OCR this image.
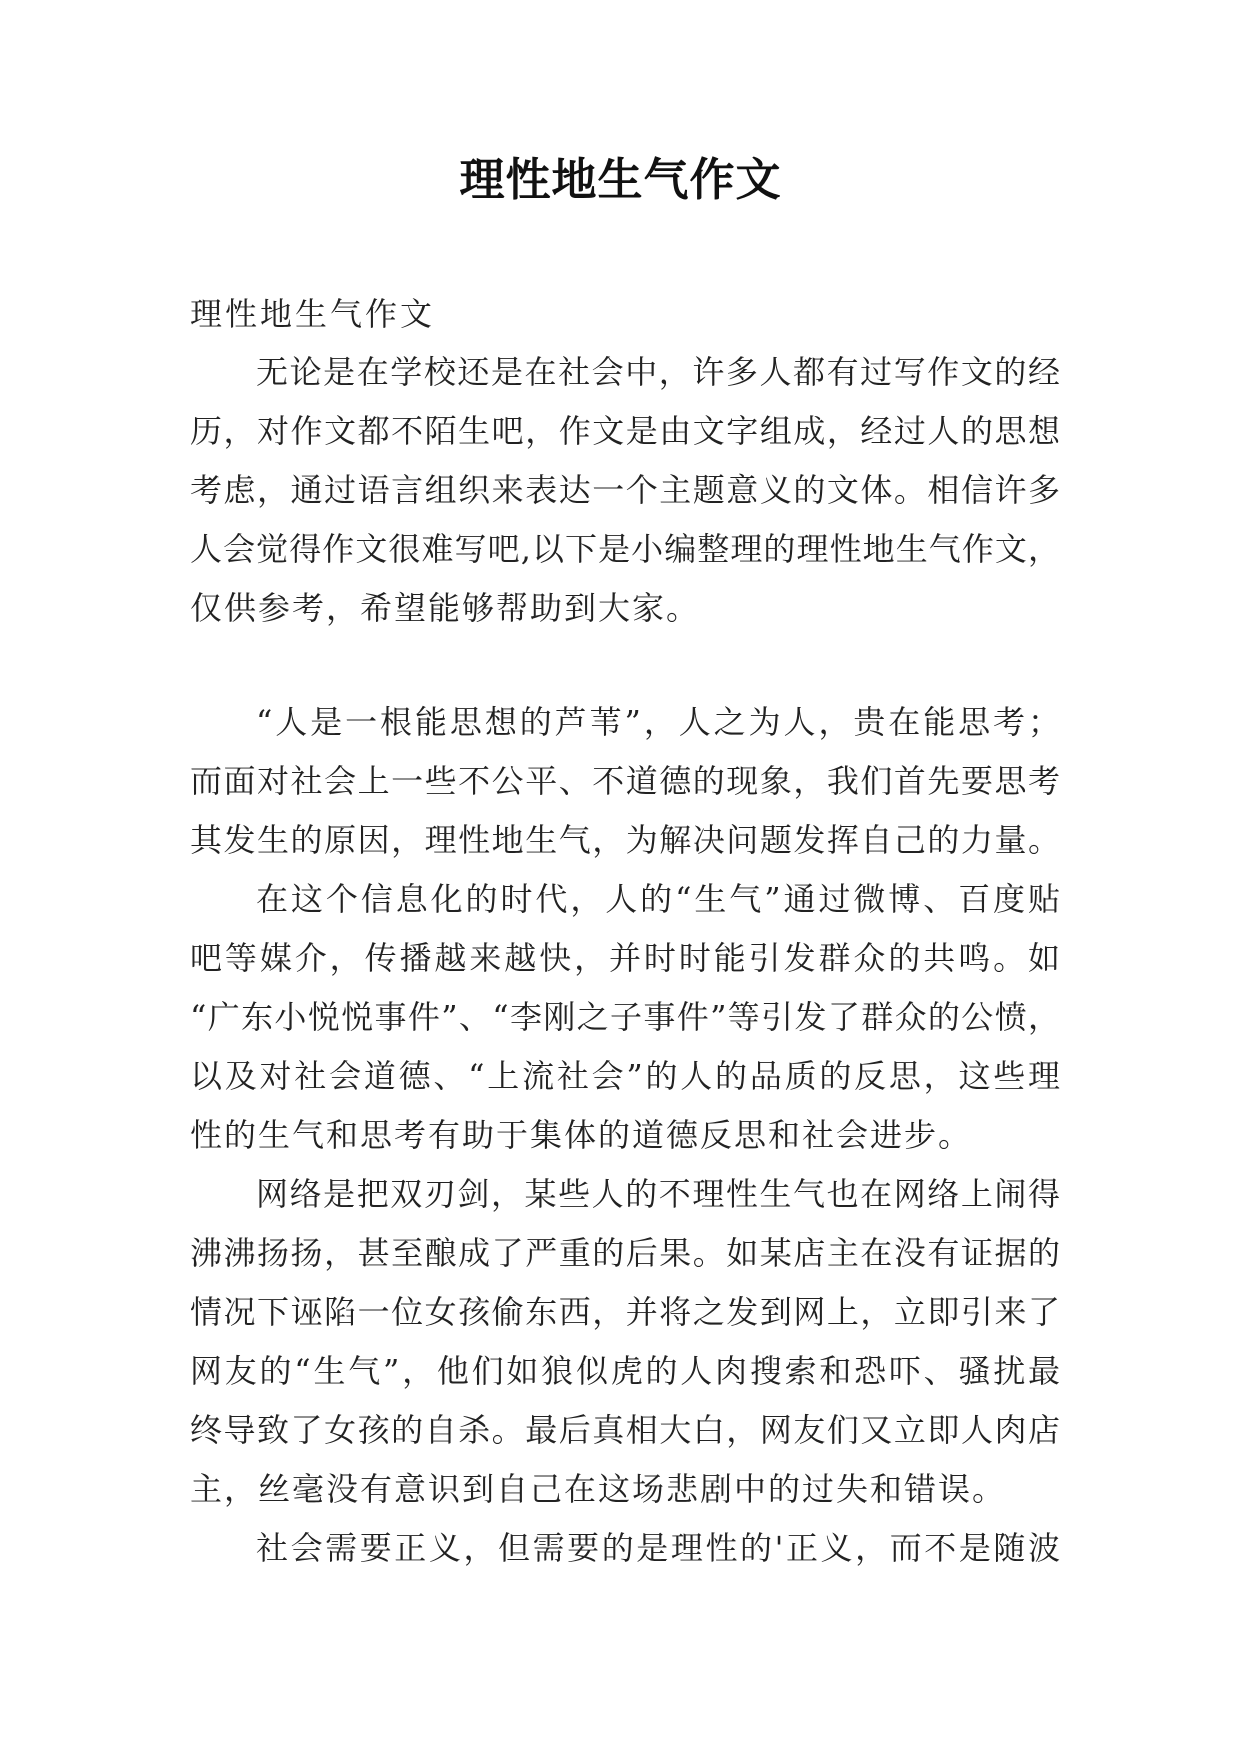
理性地生气作文
理性地生气作文
无论是在学校还是在社会中，许多人都有过写作文的经
历，对作文都不陌生吧，作文是由文字组成，经过人的思想
考虑，通过语言组织来表达一个主题意义的文体。相信许多
人会觉得作文很难写吧,以下是小编整理的理性地生气作文，
仅供参考，希望能够帮助到大家。
“人是一根能思想的芦苇”，人之为人，贵在能思考；
而面对社会上一些不公平、不道德的现象，我们首先要思考
其发生的原因，理性地生气，为解决问题发挥自己的力量。
在这个信息化的时代，人的“生气”通过微博、百度贴
吧等媒介，传播越来越快，并时时能引发群众的共鸣。如
“广东小悦悦事件”、“李刚之子事件”等引发了群众的公愤，
以及对社会道德、“上流社会”的人的品质的反思，这些理
性的生气和思考有助于集体的道德反思和社会进步。
网络是把双刃剑，某些人的不理性生气也在网络上闹得
沸沸扬扬，甚至酿成了严重的后果。如某店主在没有证据的
情况下诬陷一位女孩偷东西，并将之发到网上，立即引来了
网友的“生气”，他们如狼似虎的人肉搜索和恐吓、骚扰最
终导致了女孩的自杀。最后真相大白，网友们又立即人肉店
主，丝毫没有意识到自己在这场悲剧中的过失和错误。
社会需要正义，但需要的是理性的'正义，而不是随波
